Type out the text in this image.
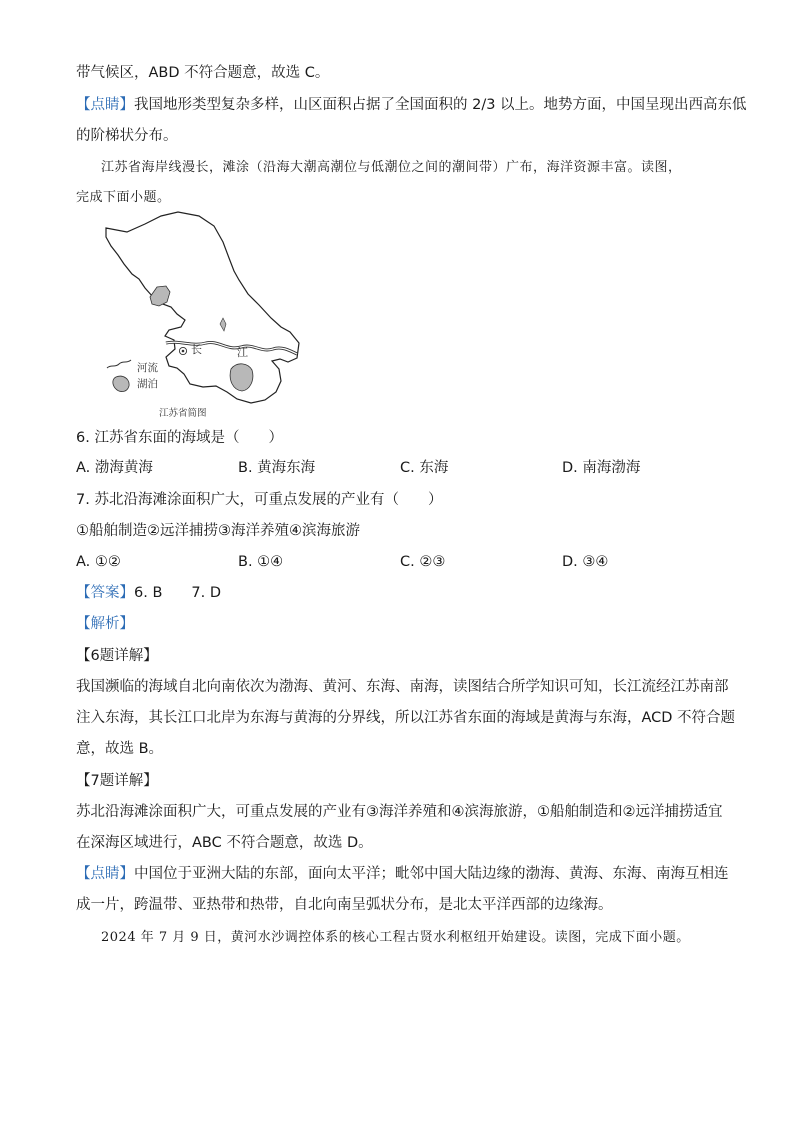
带气候区，ABD 不符合题意，故选 C。
【点睛】我国地形类型复杂多样，山区面积占据了全国面积的 2/3 以上。地势方面，中国呈现出西高东低
的阶梯状分布。
江苏省海岸线漫长，滩涂（沿海大潮高潮位与低潮位之间的潮间带）广布，海洋资源丰富。读图，
完成下面小题。
长	江
河流
湖泊
江苏省简图
6. 江苏省东面的海域是（　　）
A. 渤海黄海	B. 黄海东海	C. 东海	D. 南海渤海
7. 苏北沿海滩涂面积广大，可重点发展的产业有（　　）
①船舶制造②远洋捕捞③海洋养殖④滨海旅游
A. ①②	B. ①④	C. ②③	D. ③④
【答案】6. B　　7. D
【解析】
【6题详解】
我国濒临的海域自北向南依次为渤海、黄河、东海、南海，读图结合所学知识可知，长江流经江苏南部
注入东海，其长江口北岸为东海与黄海的分界线，所以江苏省东面的海域是黄海与东海，ACD 不符合题
意，故选 B。
【7题详解】
苏北沿海滩涂面积广大，可重点发展的产业有③海洋养殖和④滨海旅游，①船舶制造和②远洋捕捞适宜
在深海区域进行，ABC 不符合题意，故选 D。
【点睛】中国位于亚洲大陆的东部，面向太平洋；毗邻中国大陆边缘的渤海、黄海、东海、南海互相连
成一片，跨温带、亚热带和热带，自北向南呈弧状分布，是北太平洋西部的边缘海。
2024 年 7 月 9 日，黄河水沙调控体系的核心工程古贤水利枢纽开始建设。读图，完成下面小题。
